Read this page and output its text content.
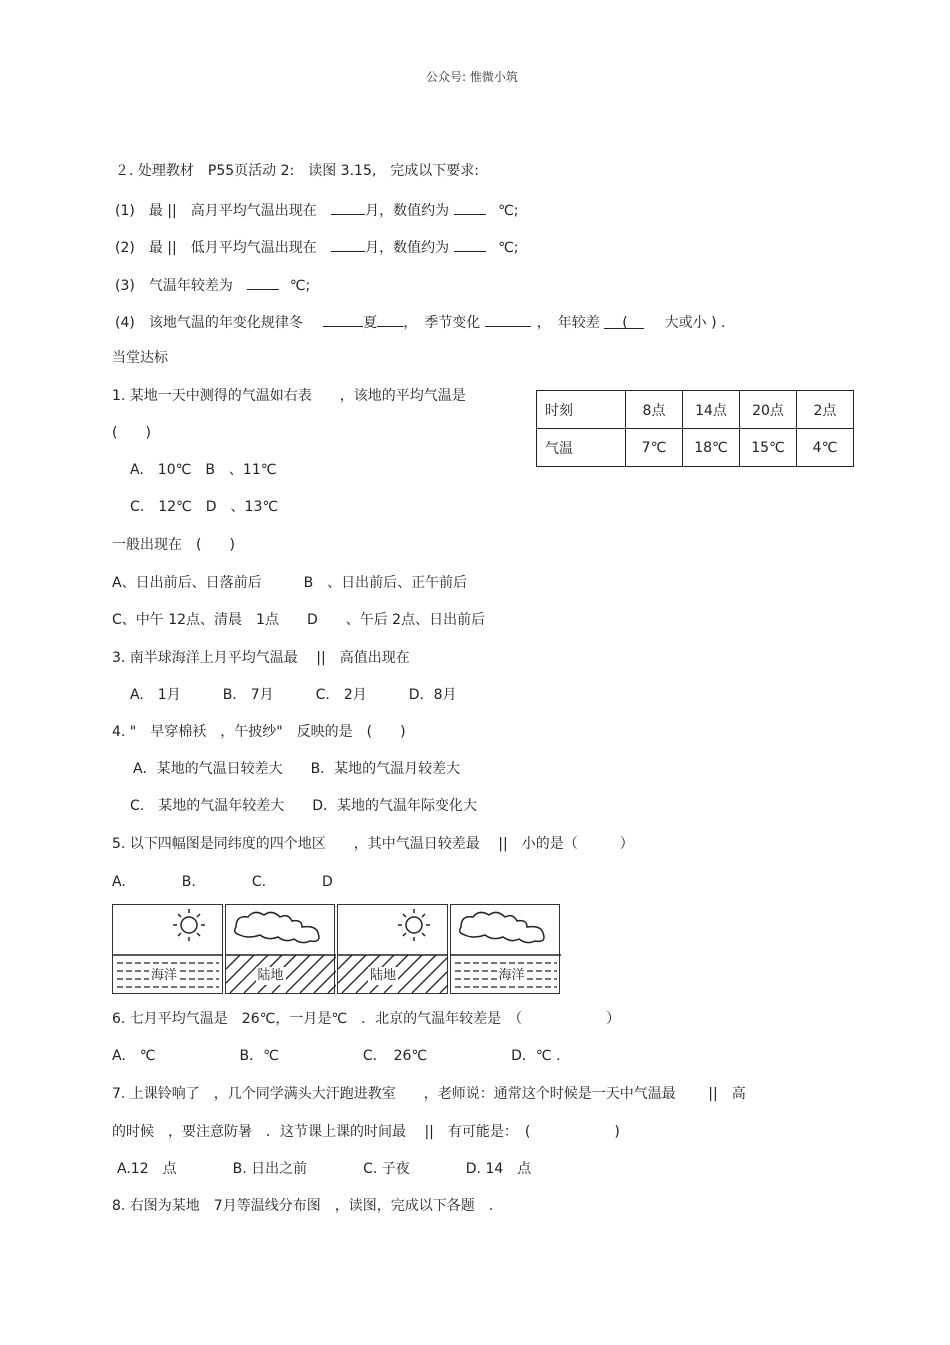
公众号: 惟微小筑
２. 处理教材　P55页活动 2:　读图 3.15,　完成以下要求:
(1)　最 ||　高月平均气温出现在	月，数值约为	℃;
(2)　最 ||　低月平均气温出现在	月，数值约为	℃;
(3)　气温年较差为	℃;
(4)　该地气温的年变化规律冬	夏 ，　季节变化	，　年较差 (	大或小 ) .
当堂达标
1. 某地一天中测得的气温如右表　　，该地的平均气温是
(　　)
A.　10℃　B　、11℃
C.　12℃　D　、13℃
时刻	8点	14点	20点	2点
气温	7℃	18℃	15℃	4℃
一般出现在　(　　)
A、日出前后、日落前后　　　B　、日出前后、正午前后
C、中午 12点、清晨　1点　　D　　、午后 2点、日出前后
3. 南半球海洋上月平均气温最　 ||　高值出现在
A.　1月　　　B.　7月　　　C.　2月　　　D．8月
4. "　早穿棉袄　，午披纱"　反映的是　(　　)
A．某地的气温日较差大　　B．某地的气温月较差大
C.　某地的气温年较差大　　D．某地的气温年际变化大
5. 以下四幅图是同纬度的四个地区　　，其中气温日较差最　 ||　小的是（　　　）
A.　　　　B.　　　　C.　　　　D
海洋	陆地	陆地	海洋
6. 七月平均气温是　26℃，一月是℃　．北京的气温年较差是　（　　　　　　）
A.　℃　　　　　　B．℃　　　　　　C．　26℃　　　　　　D．℃ .
7. 上课铃响了　，几个同学满头大汗跑进教室　　，老师说：通常这个时候是一天中气温最　　 ||　高
的时候　，要注意防暑　．这节课上课的时间最　 ||　有可能是：　(　　　　　　)
A.12　点　　　　B. 日出之前　　　　C. 子夜　　　　D. 14　点
8. 右图为某地　7月等温线分布图　，读图，完成以下各题　.
